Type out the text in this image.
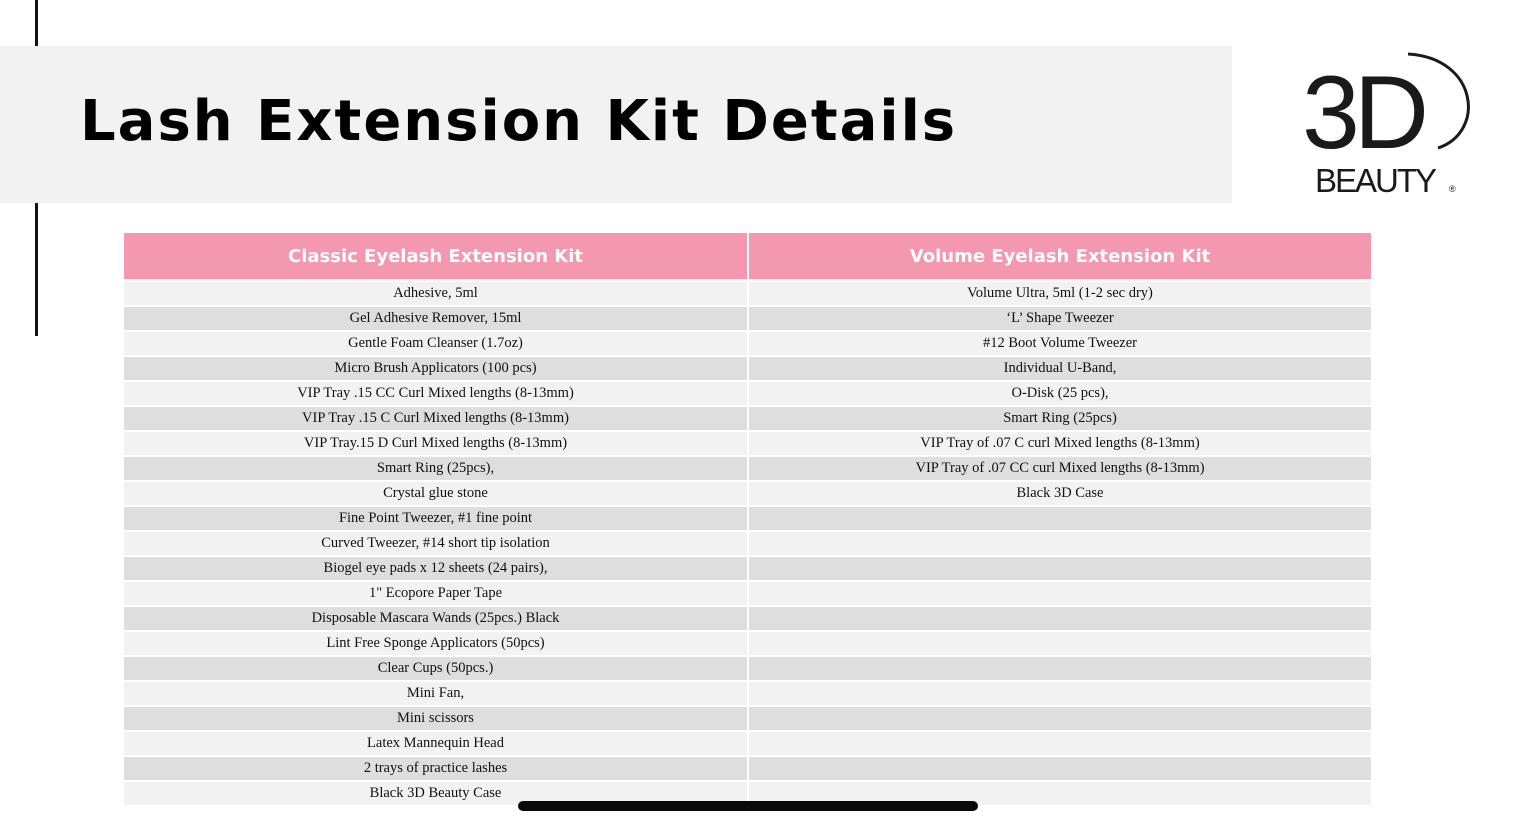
Lash Extension Kit Details	3D
BEAUTY ®
Classic Eyelash Extension Kit	Volume Eyelash Extension Kit
Adhesive, 5ml	Volume Ultra, 5ml (1-2 sec dry)
Gel Adhesive Remover, 15ml	‘L’ Shape Tweezer
Gentle Foam Cleanser (1.7oz)	#12 Boot Volume Tweezer
Micro Brush Applicators (100 pcs)	Individual U-Band,
VIP Tray .15 CC Curl Mixed lengths (8-13mm)	O-Disk (25 pcs),
VIP Tray .15 C Curl Mixed lengths (8-13mm)	Smart Ring (25pcs)
VIP Tray.15 D Curl Mixed lengths (8-13mm)	VIP Tray of .07 C curl Mixed lengths (8-13mm)
Smart Ring (25pcs),	VIP Tray of .07 CC curl Mixed lengths (8-13mm)
Crystal glue stone	Black 3D Case
Fine Point Tweezer, #1 fine point	
Curved Tweezer, #14 short tip isolation	
Biogel eye pads x 12 sheets (24 pairs),	
1" Ecopore Paper Tape	
Disposable Mascara Wands (25pcs.) Black	
Lint Free Sponge Applicators (50pcs)	
Clear Cups (50pcs.)	
Mini Fan,	
Mini scissors	
Latex Mannequin Head	
2 trays of practice lashes	
Black 3D Beauty Case	
